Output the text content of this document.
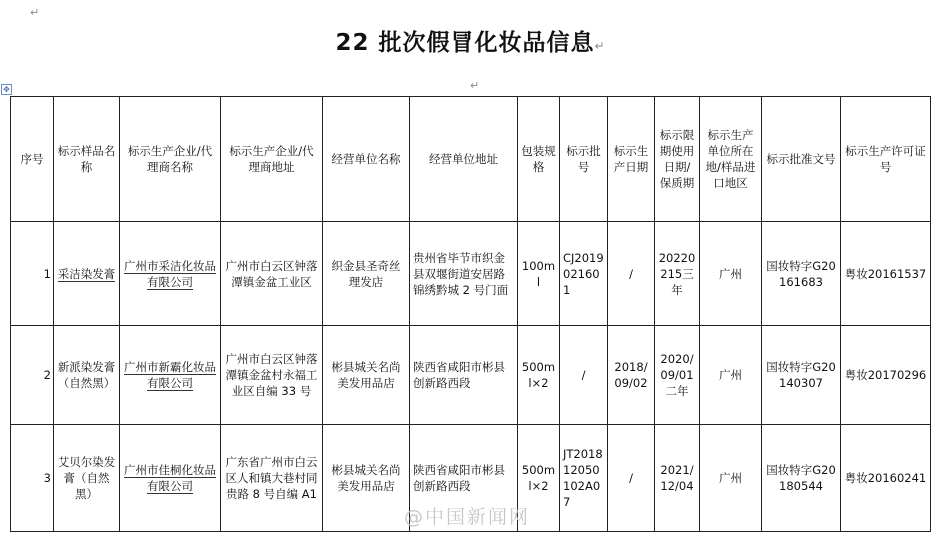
↵
22 批次假冒化妆品信息↵
↵
✥
序号	标示样品名称	标示生产企业/代理商名称	标示生产企业/代理商地址	经营单位名称	经营单位地址	包装规格	标示批号	标示生产日期	标示限期使用日期/保质期	标示生产单位所在地/样品进口地区	标示批准文号	标示生产许可证号
1	采洁染发膏	广州市采洁化妆品有限公司	广州市白云区钟落潭镇金盆工业区	织金县圣奇丝理发店	贵州省毕节市织金县双堰街道安居路锦绣黔城 2 号门面	100ml	CJ2019021601	/	20220215三年	广州	国妆特字G20161683	粤妆20161537
2	新派染发膏（自然黑）	广州市新霸化妆品有限公司	广州市白云区钟落潭镇金盆村永福工业区自编 33 号	彬县城关名尚美发用品店	陕西省咸阳市彬县创新路西段	500ml×2	/	2018/09/02	2020/09/01二年	广州	国妆特字G20140307	粤妆20170296
3	艾贝尔染发膏（自然黑）	广州市佳桐化妆品有限公司	广东省广州市白云区人和镇大巷村同贵路 8 号自编 A1	彬县城关名尚美发用品店	陕西省咸阳市彬县创新路西段	500ml×2	JT201812050102A07	/	2021/12/04	广州	国妆特字G20180544	粤妆20160241
@中国新闻网
